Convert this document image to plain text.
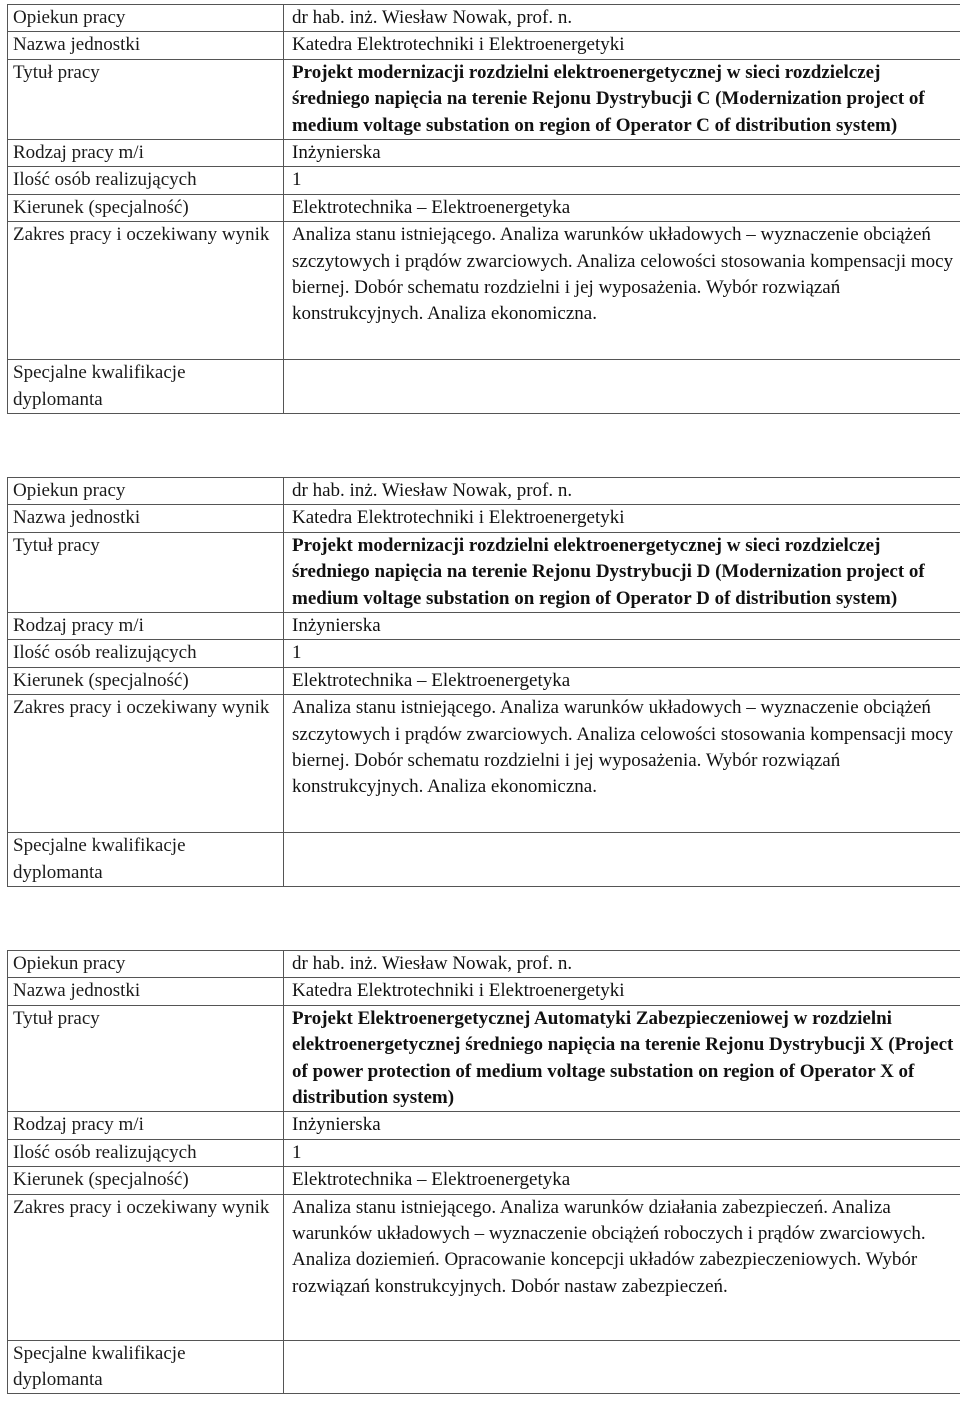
Opiekun pracy	dr hab. inż. Wiesław Nowak, prof. n.
Nazwa jednostki	Katedra Elektrotechniki i Elektroenergetyki
Tytuł pracy	Projekt modernizacji rozdzielni elektroenergetycznej w sieci rozdzielczej średniego napięcia na terenie Rejonu Dystrybucji C (Modernization project of medium voltage substation on region of Operator C of distribution system)
Rodzaj pracy m/i	Inżynierska
Ilość osób realizujących	1
Kierunek (specjalność)	Elektrotechnika – Elektroenergetyka
Zakres pracy i oczekiwany wynik	Analiza stanu istniejącego. Analiza warunków układowych – wyznaczenie obciążeń szczytowych i prądów zwarciowych. Analiza celowości stosowania kompensacji mocy biernej. Dobór schematu rozdzielni i jej wyposażenia. Wybór rozwiązań konstrukcyjnych. Analiza ekonomiczna.
Specjalne kwalifikacje dyplomanta	
Opiekun pracy	dr hab. inż. Wiesław Nowak, prof. n.
Nazwa jednostki	Katedra Elektrotechniki i Elektroenergetyki
Tytuł pracy	Projekt modernizacji rozdzielni elektroenergetycznej w sieci rozdzielczej średniego napięcia na terenie Rejonu Dystrybucji D (Modernization project of medium voltage substation on region of Operator D of distribution system)
Rodzaj pracy m/i	Inżynierska
Ilość osób realizujących	1
Kierunek (specjalność)	Elektrotechnika – Elektroenergetyka
Zakres pracy i oczekiwany wynik	Analiza stanu istniejącego. Analiza warunków układowych – wyznaczenie obciążeń szczytowych i prądów zwarciowych. Analiza celowości stosowania kompensacji mocy biernej. Dobór schematu rozdzielni i jej wyposażenia. Wybór rozwiązań konstrukcyjnych. Analiza ekonomiczna.
Specjalne kwalifikacje dyplomanta	
Opiekun pracy	dr hab. inż. Wiesław Nowak, prof. n.
Nazwa jednostki	Katedra Elektrotechniki i Elektroenergetyki
Tytuł pracy	Projekt Elektroenergetycznej Automatyki Zabezpieczeniowej w rozdzielni elektroenergetycznej średniego napięcia na terenie Rejonu Dystrybucji X (Project of power protection of medium voltage substation on region of Operator X of distribution system)
Rodzaj pracy m/i	Inżynierska
Ilość osób realizujących	1
Kierunek (specjalność)	Elektrotechnika – Elektroenergetyka
Zakres pracy i oczekiwany wynik	Analiza stanu istniejącego. Analiza warunków działania zabezpieczeń. Analiza warunków układowych – wyznaczenie obciążeń roboczych i prądów zwarciowych. Analiza doziemień. Opracowanie koncepcji układów zabezpieczeniowych. Wybór rozwiązań konstrukcyjnych. Dobór nastaw zabezpieczeń.
Specjalne kwalifikacje dyplomanta	
